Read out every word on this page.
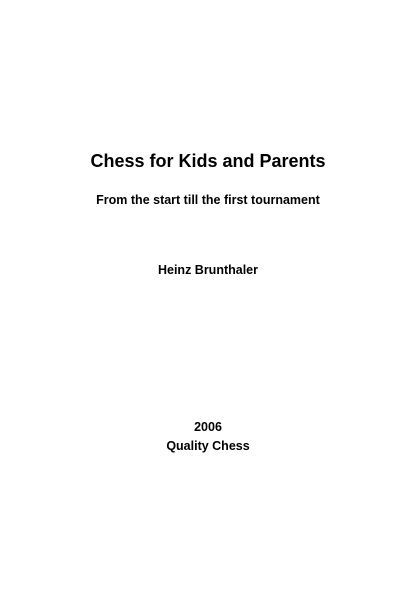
Chess for Kids and Parents
From the start till the first tournament
Heinz Brunthaler
2006
Quality Chess
